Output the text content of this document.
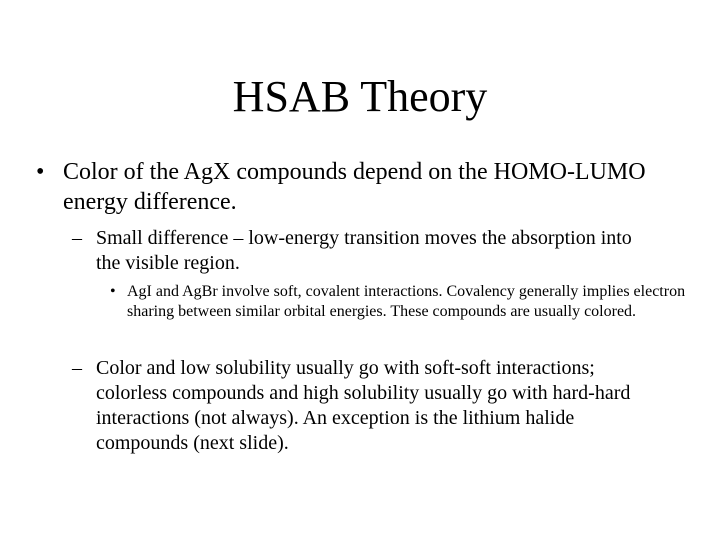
HSAB Theory
• Color of the AgX compounds depend on the HOMO-LUMO energy difference.

– Small difference – low-energy transition moves the absorption into the visible region.

• AgI and AgBr involve soft, covalent interactions. Covalency generally implies electron sharing between similar orbital energies. These compounds are usually colored.

– Color and low solubility usually go with soft-soft interactions; colorless compounds and high solubility usually go with hard-hard interactions (not always). An exception is the lithium halide compounds (next slide).
